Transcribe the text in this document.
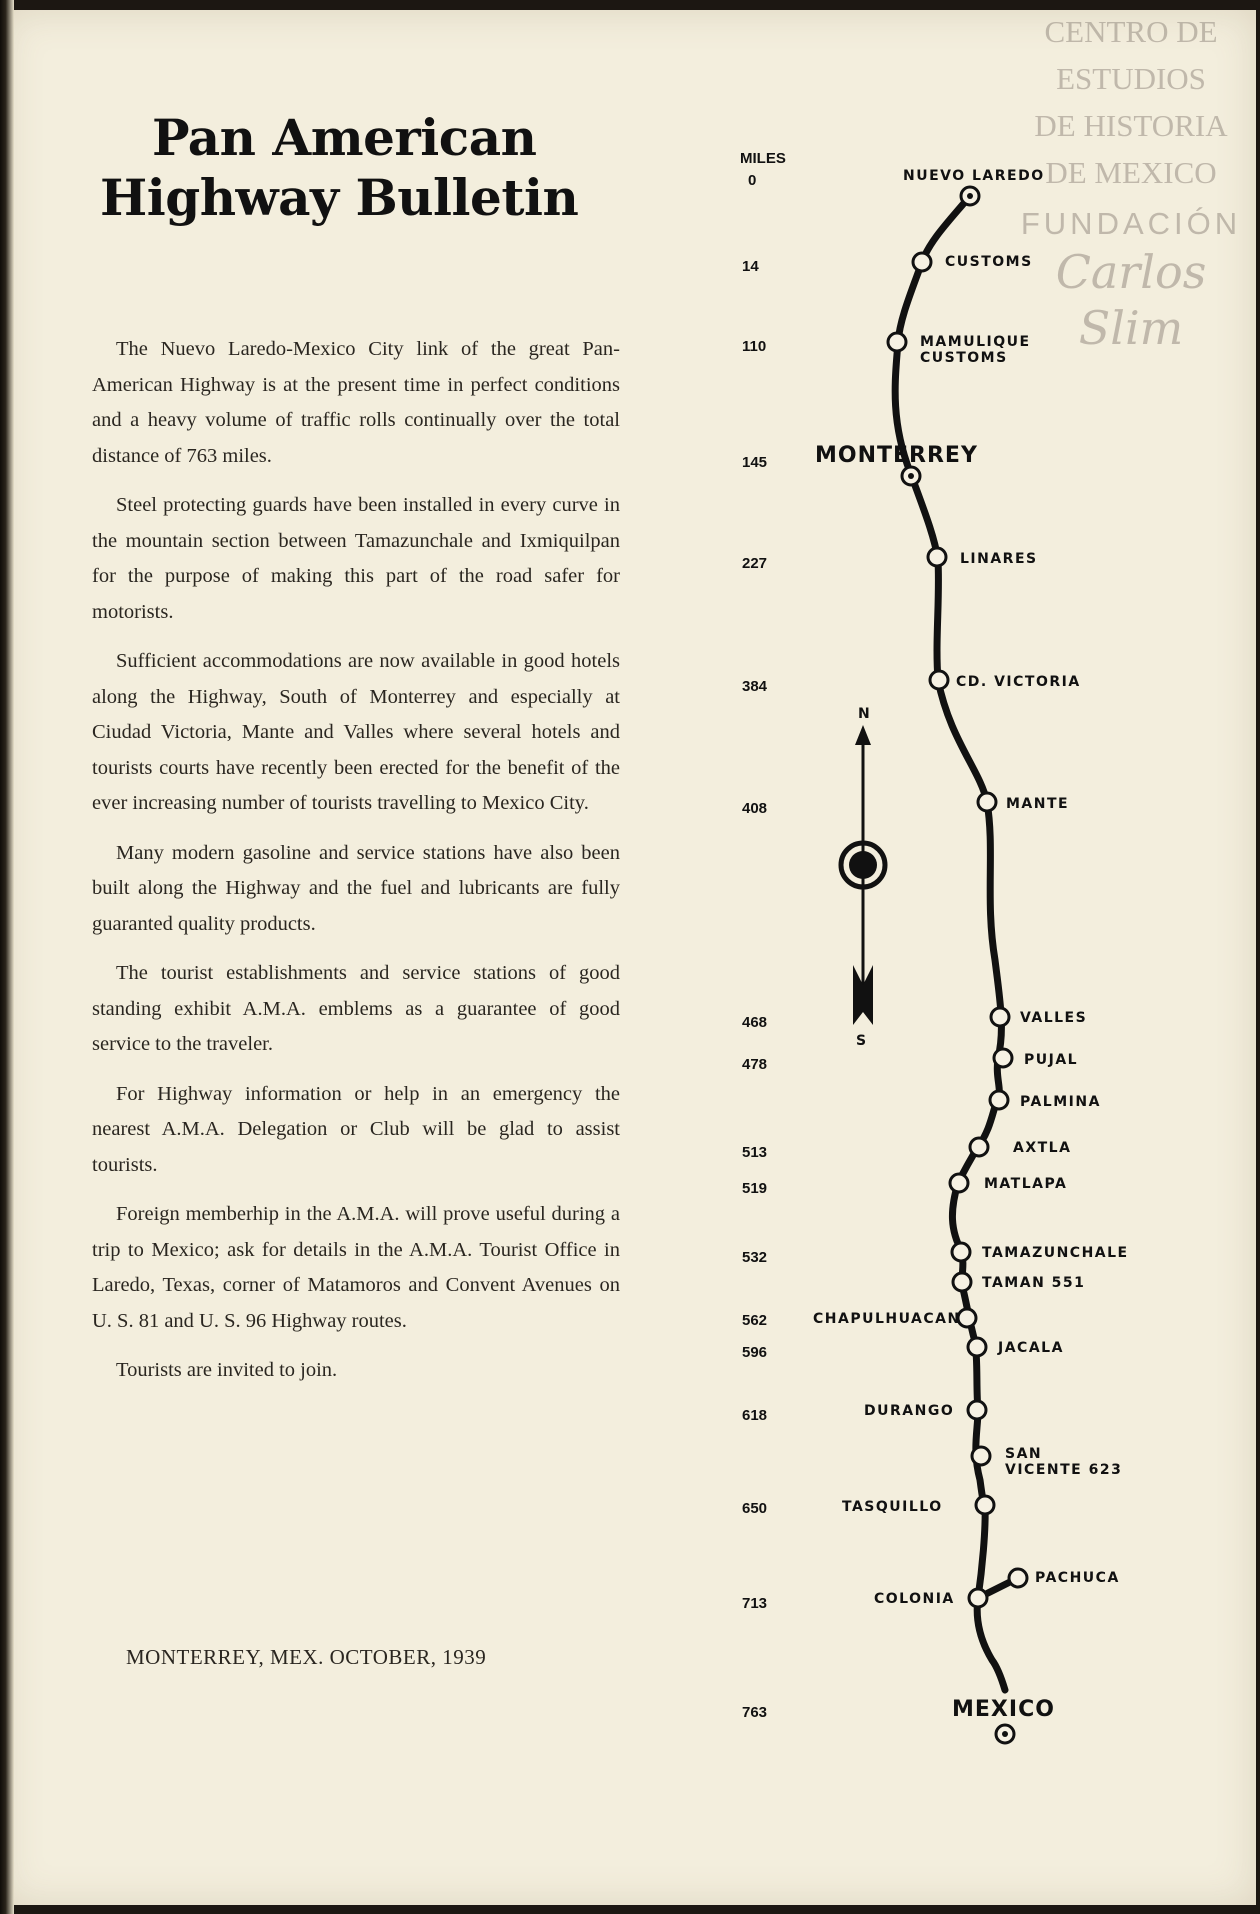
Pan American
Highway Bulletin

The Nuevo Laredo-Mexico City link of the great Pan-American Highway is at the present time in perfect conditions and a heavy volume of traffic rolls continually over the total distance of 763 miles.

Steel protecting guards have been installed in every curve in the mountain section between Tamazunchale and Ixmiquilpan for the purpose of making this part of the road safer for motorists.

Sufficient accommodations are now available in good hotels along the Highway, South of Monterrey and especially at Ciudad Victoria, Mante and Valles where several hotels and tourists courts have recently been erected for the benefit of the ever increasing number of tourists travelling to Mexico City.

Many modern gasoline and service stations have also been built along the Highway and the fuel and lubricants are fully guaranted quality products.

The tourist establishments and service stations of good standing exhibit A.M.A. emblems as a guarantee of good service to the traveler.

For Highway information or help in an emergency the nearest A.M.A. Delegation or Club will be glad to assist tourists.

Foreign memberhip in the A.M.A. will prove useful during a trip to Mexico; ask for details in the A.M.A. Tourist Office in Laredo, Texas, corner of Matamoros and Convent Avenues on U. S. 81 and U. S. 96 Highway routes.

Tourists are invited to join.

MONTERREY, MEX. OCTOBER, 1939
CENTRO DE
ESTUDIOS
DE HISTORIA
DE MEXICO
FUNDACIÓN
Carlos Slim
MILES
N
S
NUEVO LAREDO
0
CUSTOMS
14
MAMULIQUE
CUSTOMS
110
MONTERREY
145
LINARES
227
CD. VICTORIA
384
MANTE
408
VALLES
468
PUJAL
478
PALMINA
AXTLA
513
MATLAPA
519
TAMAZUNCHALE
532
TAMAN 551
CHAPULHUACAN
562
JACALA
596
DURANGO
618
SAN
VICENTE 623
TASQUILLO
650
PACHUCA
COLONIA
713
MEXICO
763
